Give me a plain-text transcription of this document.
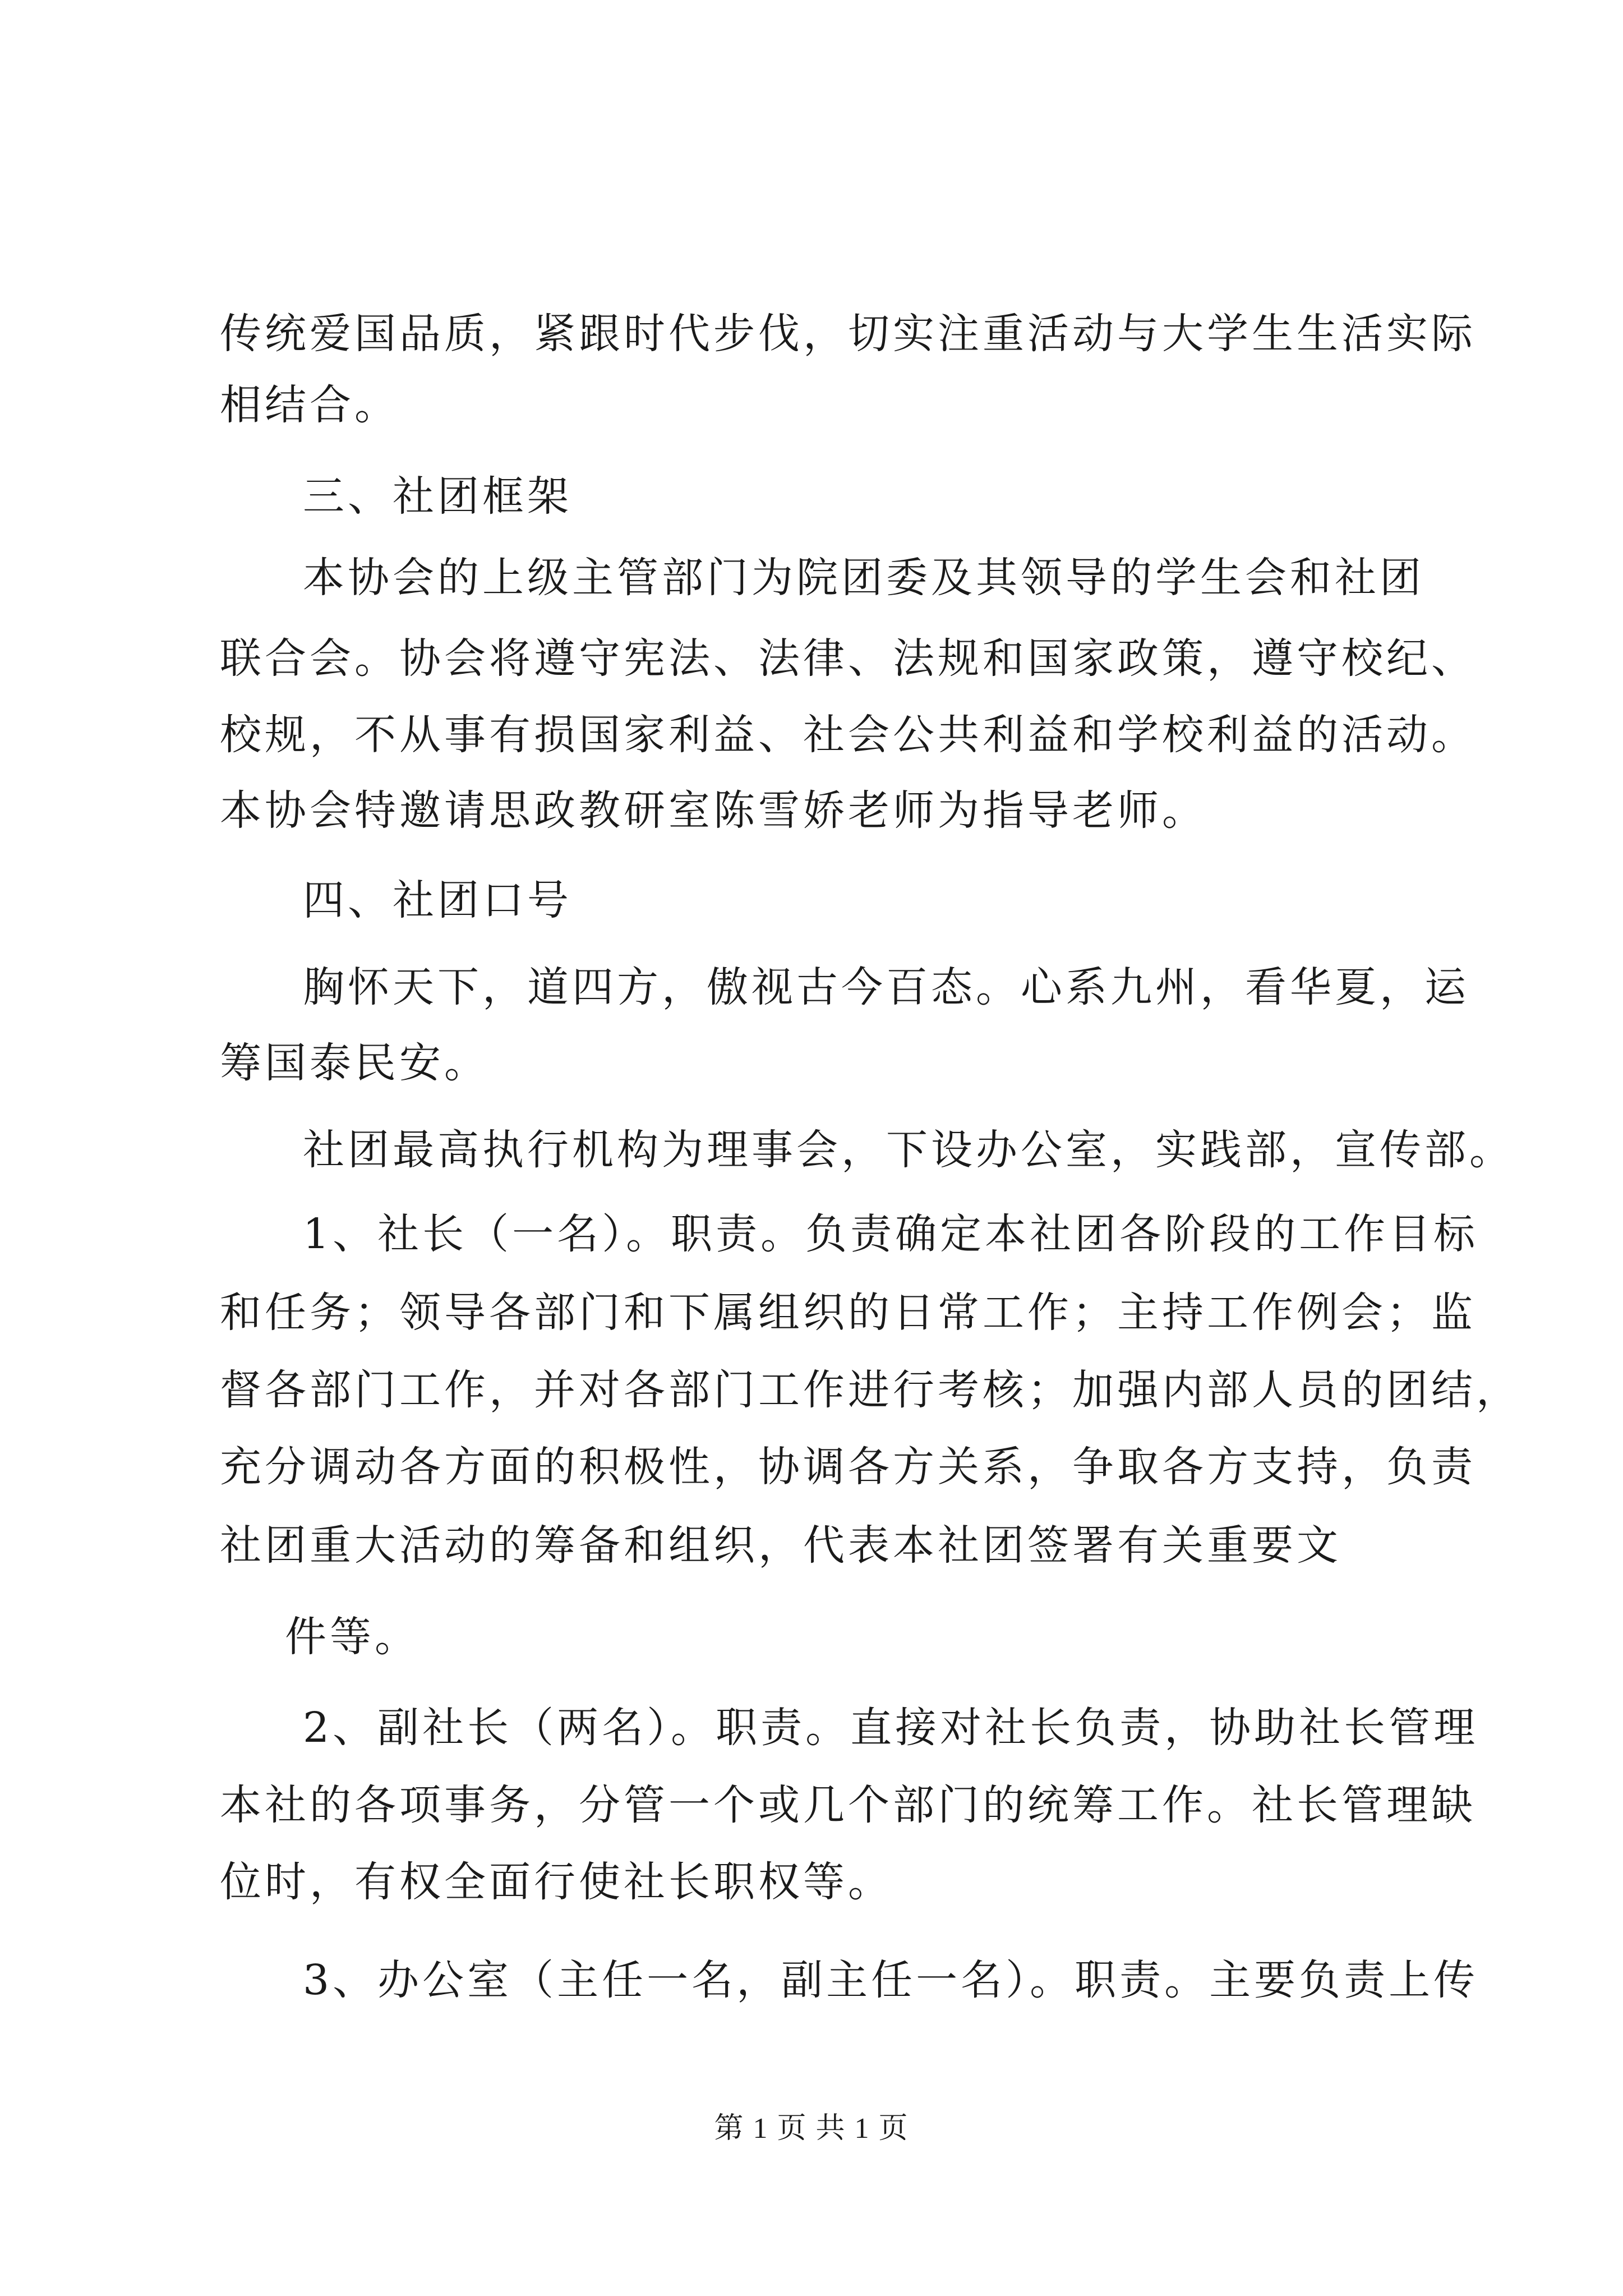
传统爱国品质，紧跟时代步伐，切实注重活动与大学生生活实际
相结合。
三、社团框架
本协会的上级主管部门为院团委及其领导的学生会和社团
联合会。协会将遵守宪法、法律、法规和国家政策，遵守校纪、
校规，不从事有损国家利益、社会公共利益和学校利益的活动。
本协会特邀请思政教研室陈雪娇老师为指导老师。
四、社团口号
胸怀天下，道四方，傲视古今百态。心系九州，看华夏，运
筹国泰民安。
社团最高执行机构为理事会，下设办公室，实践部，宣传部。
1、社长（一名）。职责。负责确定本社团各阶段的工作目标
和任务；领导各部门和下属组织的日常工作；主持工作例会；监
督各部门工作，并对各部门工作进行考核；加强内部人员的团结，
充分调动各方面的积极性，协调各方关系，争取各方支持，负责
社团重大活动的筹备和组织，代表本社团签署有关重要文
件等。
2、副社长（两名）。职责。直接对社长负责，协助社长管理
本社的各项事务，分管一个或几个部门的统筹工作。社长管理缺
位时，有权全面行使社长职权等。
3、办公室（主任一名，副主任一名）。职责。主要负责上传
第 1 页 共 1 页
